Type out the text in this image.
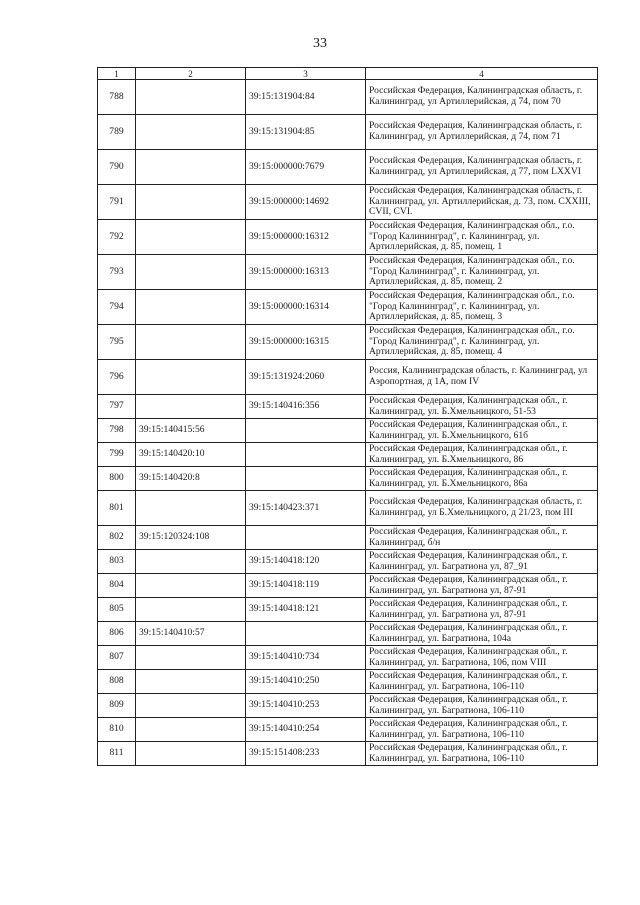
33
1	2	3	4
788		39:15:131904:84	Российская Федерация, Калининградская область, г. Калининград, ул Артиллерийская, д 74, пом 70
789		39:15:131904:85	Российская Федерация, Калининградская область, г. Калининград, ул Артиллерийская, д 74, пом 71
790		39:15:000000:7679	Российская Федерация, Калининградская область, г. Калининград, ул Артиллерийская, д 77, пом LXXVI
791		39:15:000000:14692	Российская Федерация, Калининградская область, г. Калининград, ул. Артиллерийская, д. 73, пом. CXXIII, CVII, CVI.
792		39:15:000000:16312	Российская Федерация, Калининградская обл., г.о. "Город Калининград", г. Калининград, ул. Артиллерийская, д. 85, помещ. 1
793		39:15:000000:16313	Российская Федерация, Калининградская обл., г.о. "Город Калининград", г. Калининград, ул. Артиллерийская, д. 85, помещ. 2
794		39:15:000000:16314	Российская Федерация, Калининградская обл., г.о. "Город Калининград", г. Калининград, ул. Артиллерийская, д. 85, помещ. 3
795		39:15:000000:16315	Российская Федерация, Калининградская обл., г.о. "Город Калининград", г. Калининград, ул. Артиллерийская, д. 85, помещ. 4
796		39:15:131924:2060	Россия, Калининградская область, г. Калининград, ул Аэропортная, д 1А, пом IV
797		39:15:140416:356	Российская Федерация, Калининградская обл., г. Калининград, ул. Б.Хмельницкого, 51-53
798	39:15:140415:56		Российская Федерация, Калининградская обл., г. Калининград, ул. Б.Хмельницкого, 61б
799	39:15:140420:10		Российская Федерация, Калининградская обл., г. Калининград, ул. Б.Хмельницкого, 86
800	39:15:140420:8		Российская Федерация, Калининградская обл., г. Калининград, ул. Б.Хмельницкого, 86а
801		39:15:140423:371	Российская Федерация, Калининградская область, г. Калининград, ул Б.Хмельницкого, д 21/23, пом III
802	39:15:120324:108		Российская Федерация, Калининградская обл., г. Калининград, б/н
803		39:15:140418:120	Российская Федерация, Калининградская обл., г. Калининград, ул. Багратиона ул, 87_91
804		39:15:140418:119	Российская Федерация, Калининградская обл., г. Калининград, ул. Багратиона ул, 87-91
805		39:15:140418:121	Российская Федерация, Калининградская обл., г. Калининград, ул. Багратиона ул, 87-91
806	39:15:140410:57		Российская Федерация, Калининградская обл., г. Калининград, ул. Багратиона, 104а
807		39:15:140410:734	Российская Федерация, Калининградская обл., г. Калининград, ул. Багратиона, 106, пом VIII
808		39:15:140410:250	Российская Федерация, Калининградская обл., г. Калининград, ул. Багратиона, 106-110
809		39:15:140410:253	Российская Федерация, Калининградская обл., г. Калининград, ул. Багратиона, 106-110
810		39:15:140410:254	Российская Федерация, Калининградская обл., г. Калининград, ул. Багратиона, 106-110
811		39:15:151408:233	Российская Федерация, Калининградская обл., г. Калининград, ул. Багратиона, 106-110
